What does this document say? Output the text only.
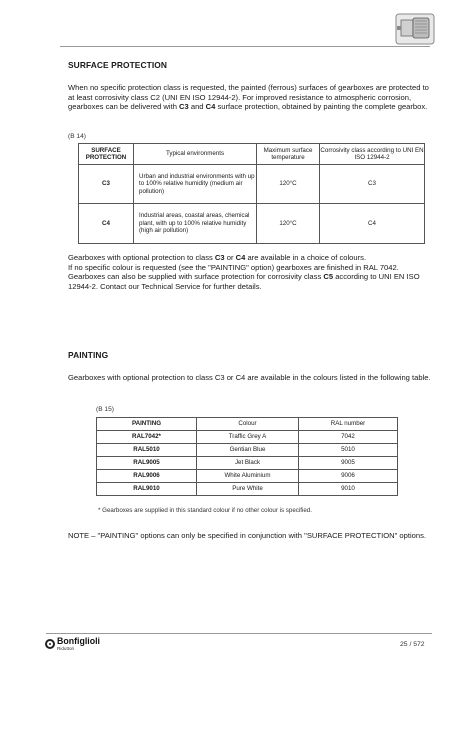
SURFACE PROTECTION
When no specific protection class is requested, the painted (ferrous) surfaces of gearboxes are protected to at least corrosivity class C2 (UNI EN ISO 12944-2). For improved resistance to atmospheric corrosion, gearboxes can be delivered with C3 and C4 surface protection, obtained by painting the complete gearbox.
(B 14)
SURFACE PROTECTION	Typical environments	Maximum surface temperature	Corrosivity class according to UNI EN ISO 12944-2
C3	Urban and industrial environments with up to 100% relative humidity (medium air pollution)	120°C	C3
C4	Industrial areas, coastal areas, chemical plant, with up to 100% relative humidity (high air pollution)	120°C	C4
Gearboxes with optional protection to class C3 or C4 are available in a choice of colours.
If no specific colour is requested (see the "PAINTING" option) gearboxes are finished in RAL 7042.
Gearboxes can also be supplied with surface protection for corrosivity class C5 according to UNI EN ISO 12944-2. Contact our Technical Service for further details.
PAINTING
Gearboxes with optional protection to class C3 or C4 are available in the colours listed in the following table.
(B 15)
PAINTING	Colour	RAL number
RAL7042*	Traffic Grey A	7042
RAL5010	Gentian Blue	5010
RAL9005	Jet Black	9005
RAL9006	White Aluminium	9006
RAL9010	Pure White	9010
* Gearboxes are supplied in this standard colour if no other colour is specified.
NOTE – "PAINTING" options can only be specified in conjunction with "SURFACE PROTECTION" options.
Bonfiglioli
Riduttori
25 / 572
